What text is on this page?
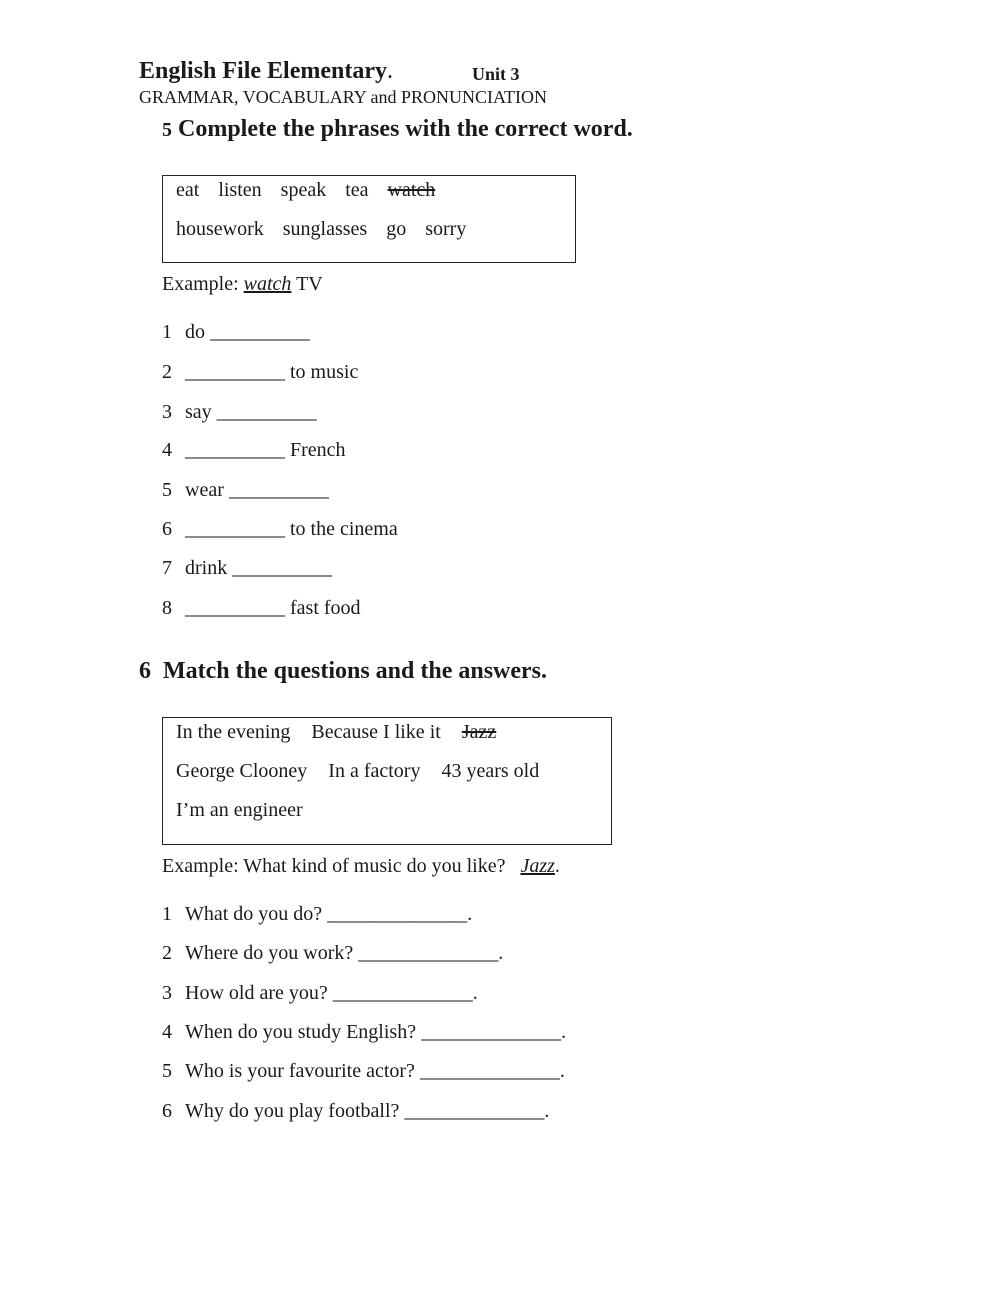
English File Elementary.	Unit 3
GRAMMAR, VOCABULARY and PRONUNCIATION
5 Complete the phrases with the correct word.
eat listen speak tea watch
housework sunglasses go sorry
Example: watch TV
1 do __________
2 __________ to music
3 say __________
4 __________ French
5 wear __________
6 __________ to the cinema
7 drink __________
8 __________ fast food
6 Match the questions and the answers.
In the evening Because I like it Jazz
George Clooney In a factory 43 years old
I’m an engineer
Example: What kind of music do you like? Jazz.
1 What do you do? ______________.
2 Where do you work? ______________.
3 How old are you? ______________.
4 When do you study English? ______________.
5 Who is your favourite actor? ______________.
6 Why do you play football? ______________.
